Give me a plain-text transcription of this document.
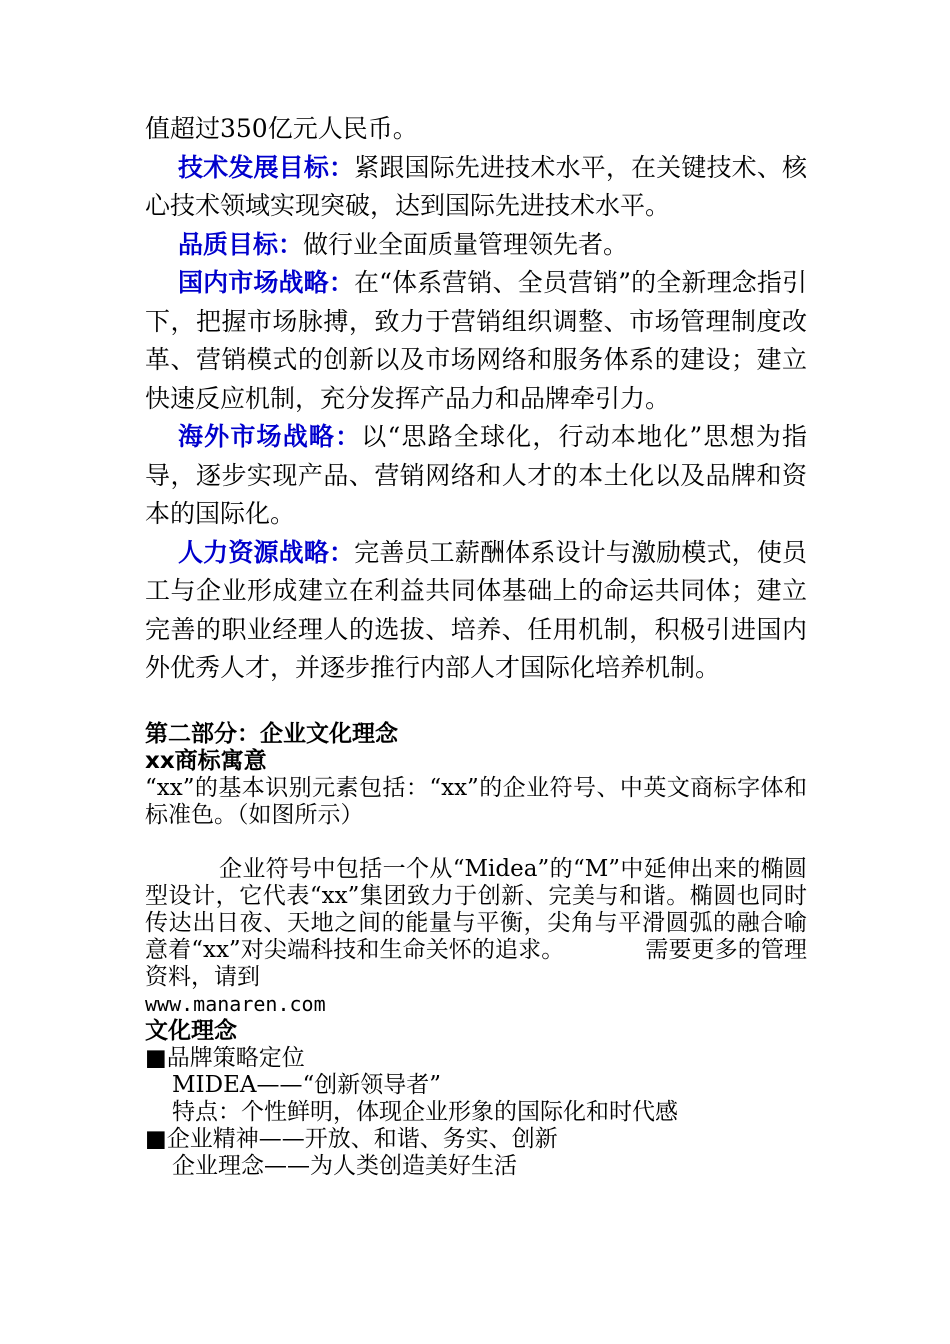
值超过350亿元人民币。

技术发展目标：紧跟国际先进技术水平，在关键技术、核心技术领域实现突破，达到国际先进技术水平。

品质目标：做行业全面质量管理领先者。

国内市场战略：在“体系营销、全员营销”的全新理念指引下，把握市场脉搏，致力于营销组织调整、市场管理制度改革、营销模式的创新以及市场网络和服务体系的建设；建立快速反应机制，充分发挥产品力和品牌牵引力。

海外市场战略：以“思路全球化，行动本地化”思想为指导，逐步实现产品、营销网络和人才的本土化以及品牌和资本的国际化。

人力资源战略：完善员工薪酬体系设计与激励模式，使员工与企业形成建立在利益共同体基础上的命运共同体；建立完善的职业经理人的选拔、培养、任用机制，积极引进国内外优秀人才，并逐步推行内部人才国际化培养机制。

第二部分：企业文化理念

xx商标寓意

“xx”的基本识别元素包括：“xx”的企业符号、中英文商标字体和标准色。（如图所示）

企业符号中包括一个从“Midea”的“M”中延伸出来的椭圆型设计，它代表“xx”集团致力于创新、完美与和谐。椭圆也同时传达出日夜、天地之间的能量与平衡，尖角与平滑圆弧的融合喻意着“xx”对尖端科技和生命关怀的追求。　　　　	需要更多的管理资料，请到

www.manaren.com

文化理念

■品牌策略定位

MIDEA——“创新领导者”

特点：个性鲜明，体现企业形象的国际化和时代感

■企业精神——开放、和谐、务实、创新

企业理念——为人类创造美好生活
